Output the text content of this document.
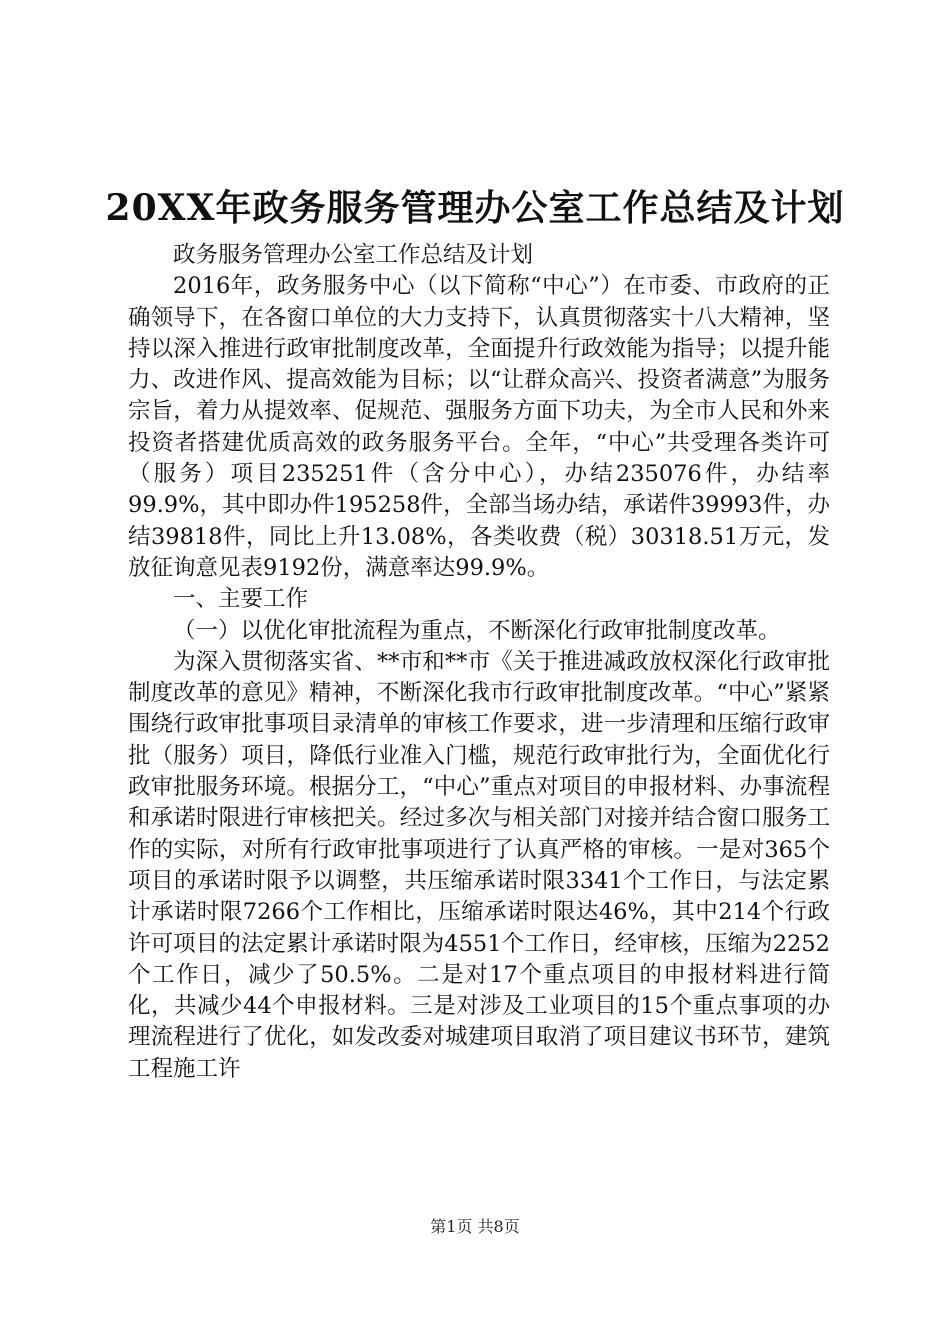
20XX年政务服务管理办公室工作总结及计划

政务服务管理办公室工作总结及计划

2016年，政务服务中心（以下简称“中心”）在市委、市政府的正确领导下，在各窗口单位的大力支持下，认真贯彻落实十八大精神，坚持以深入推进行政审批制度改革，全面提升行政效能为指导；以提升能力、改进作风、提高效能为目标；以“让群众高兴、投资者满意”为服务宗旨，着力从提效率、促规范、强服务方面下功夫，为全市人民和外来投资者搭建优质高效的政务服务平台。全年，“中心”共受理各类许可（服务）项目235251件（含分中心），办结235076件，办结率99.9%，其中即办件195258件，全部当场办结，承诺件39993件，办结39818件，同比上升13.08%，各类收费（税）30318.51万元，发放征询意见表9192份，满意率达99.9%。

一、主要工作

（一）以优化审批流程为重点，不断深化行政审批制度改革。

为深入贯彻落实省、**市和**市《关于推进减政放权深化行政审批制度改革的意见》精神，不断深化我市行政审批制度改革。“中心”紧紧围绕行政审批事项目录清单的审核工作要求，进一步清理和压缩行政审批（服务）项目，降低行业准入门槛，规范行政审批行为，全面优化行政审批服务环境。根据分工，“中心”重点对项目的申报材料、办事流程和承诺时限进行审核把关。经过多次与相关部门对接并结合窗口服务工作的实际，对所有行政审批事项进行了认真严格的审核。一是对365个项目的承诺时限予以调整，共压缩承诺时限3341个工作日，与法定累计承诺时限7266个工作相比，压缩承诺时限达46%，其中214个行政许可项目的法定累计承诺时限为4551个工作日，经审核，压缩为2252个工作日，减少了50.5%。二是对17个重点项目的申报材料进行简化，共减少44个申报材料。三是对涉及工业项目的15个重点事项的办理流程进行了优化，如发改委对城建项目取消了项目建议书环节，建筑工程施工许

第1页 共8页
